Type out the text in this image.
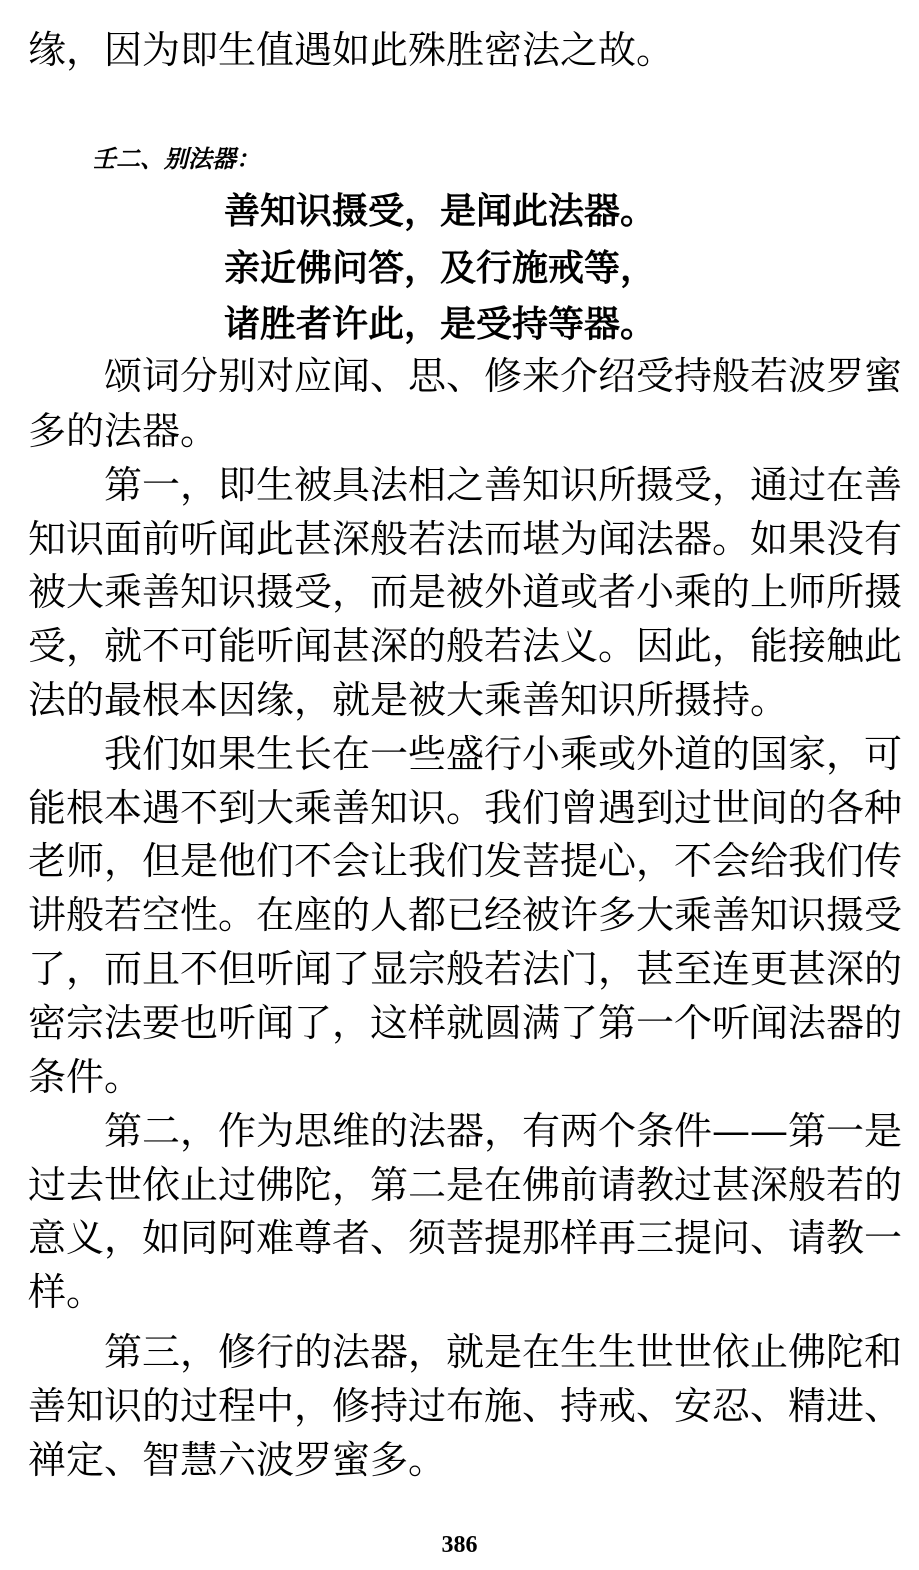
缘，因为即生值遇如此殊胜密法之故。
壬二、别法器：
善知识摄受，是闻此法器。
亲近佛问答，及行施戒等，
诸胜者许此，是受持等器。
颂词分别对应闻、思、修来介绍受持般若波罗蜜
多的法器。
第一，即生被具法相之善知识所摄受，通过在善
知识面前听闻此甚深般若法而堪为闻法器。如果没有
被大乘善知识摄受，而是被外道或者小乘的上师所摄
受，就不可能听闻甚深的般若法义。因此，能接触此
法的最根本因缘，就是被大乘善知识所摄持。
我们如果生长在一些盛行小乘或外道的国家，可
能根本遇不到大乘善知识。我们曾遇到过世间的各种
老师，但是他们不会让我们发菩提心，不会给我们传
讲般若空性。在座的人都已经被许多大乘善知识摄受
了，而且不但听闻了显宗般若法门，甚至连更甚深的
密宗法要也听闻了，这样就圆满了第一个听闻法器的
条件。
第二，作为思维的法器，有两个条件——第一是
过去世依止过佛陀，第二是在佛前请教过甚深般若的
意义，如同阿难尊者、须菩提那样再三提问、请教一
样。
第三，修行的法器，就是在生生世世依止佛陀和
善知识的过程中，修持过布施、持戒、安忍、精进、
禅定、智慧六波罗蜜多。
386
